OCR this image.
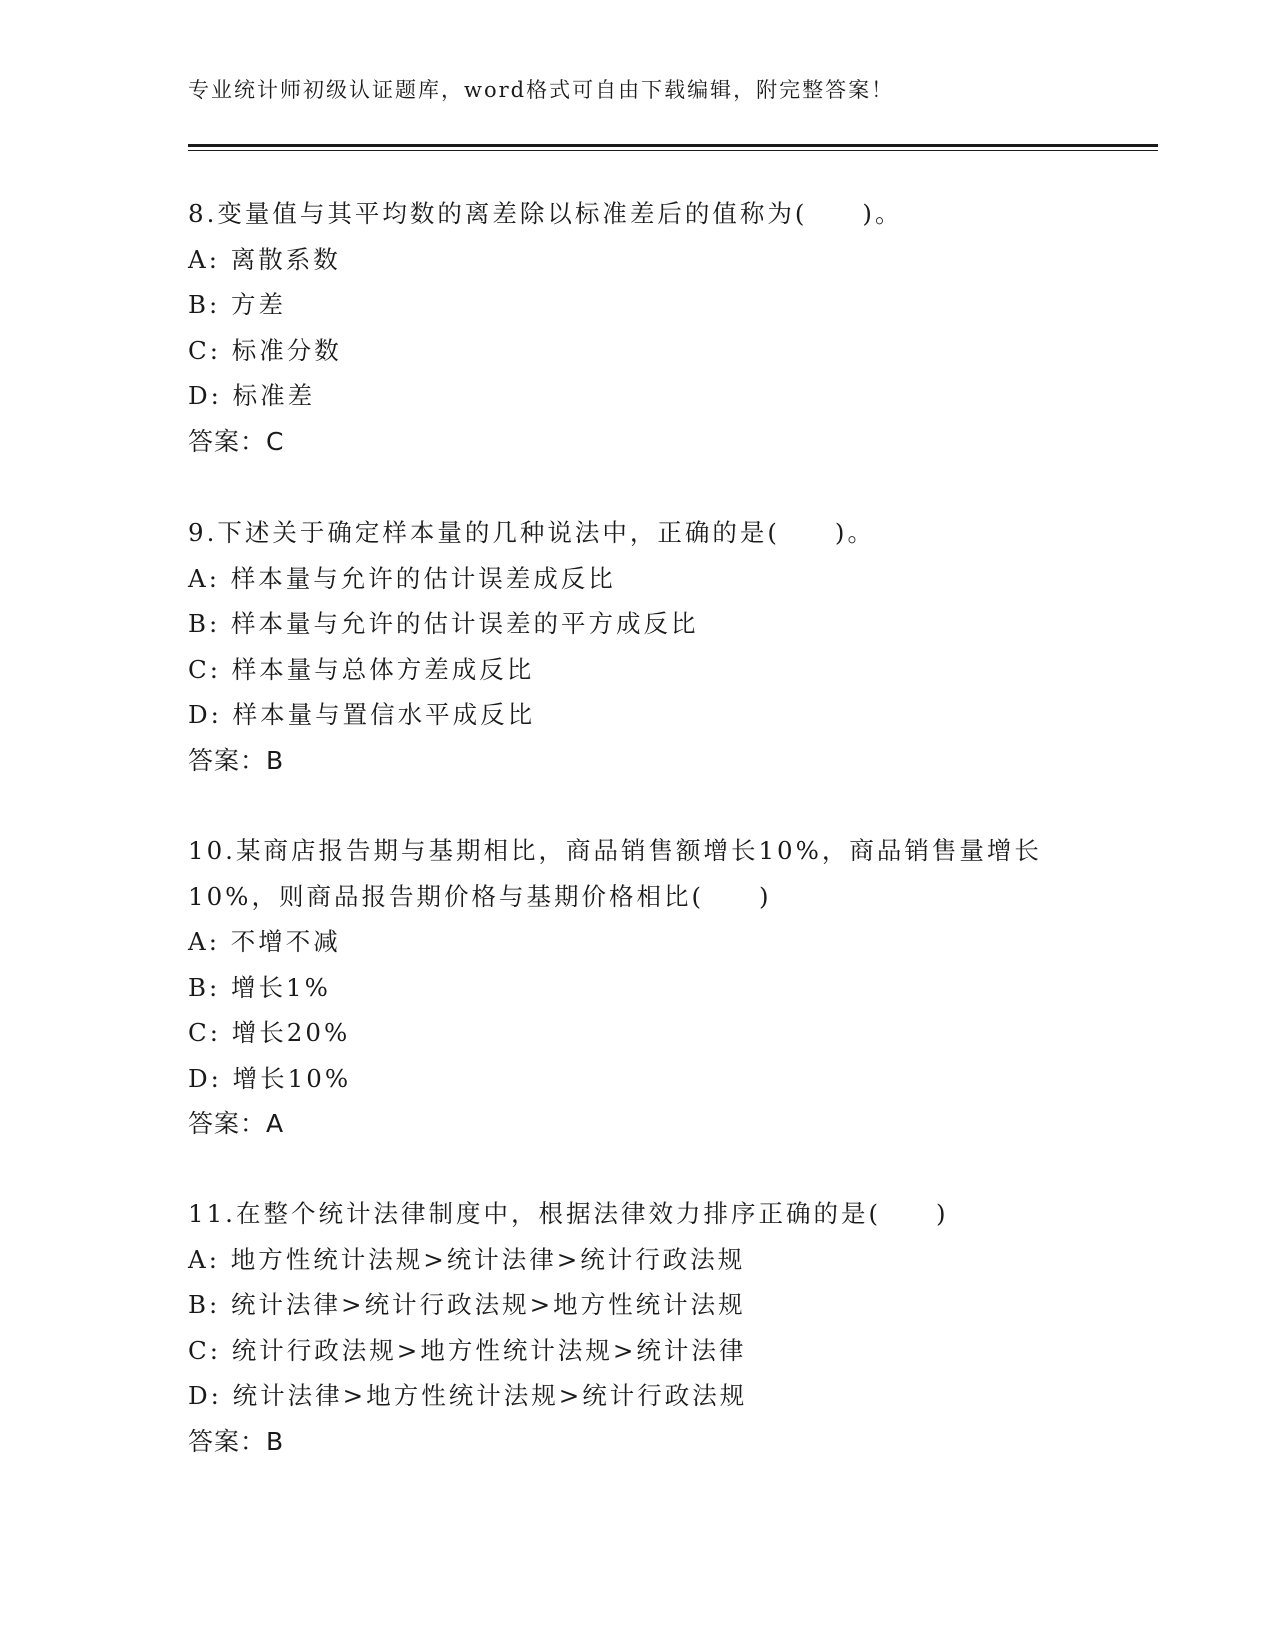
专业统计师初级认证题库，word格式可自由下载编辑，附完整答案！
8.变量值与其平均数的离差除以标准差后的值称为(　　)。
A: 离散系数
B: 方差
C: 标准分数
D: 标准差
答案：C
9.下述关于确定样本量的几种说法中，正确的是(　　)。
A: 样本量与允许的估计误差成反比
B: 样本量与允许的估计误差的平方成反比
C: 样本量与总体方差成反比
D: 样本量与置信水平成反比
答案：B
10.某商店报告期与基期相比，商品销售额增长10%，商品销售量增长
10%，则商品报告期价格与基期价格相比(　　)
A: 不增不减
B: 增长1%
C: 增长20%
D: 增长10%
答案：A
11.在整个统计法律制度中，根据法律效力排序正确的是(　　)
A: 地方性统计法规>统计法律>统计行政法规
B: 统计法律>统计行政法规>地方性统计法规
C: 统计行政法规>地方性统计法规>统计法律
D: 统计法律>地方性统计法规>统计行政法规
答案：B
